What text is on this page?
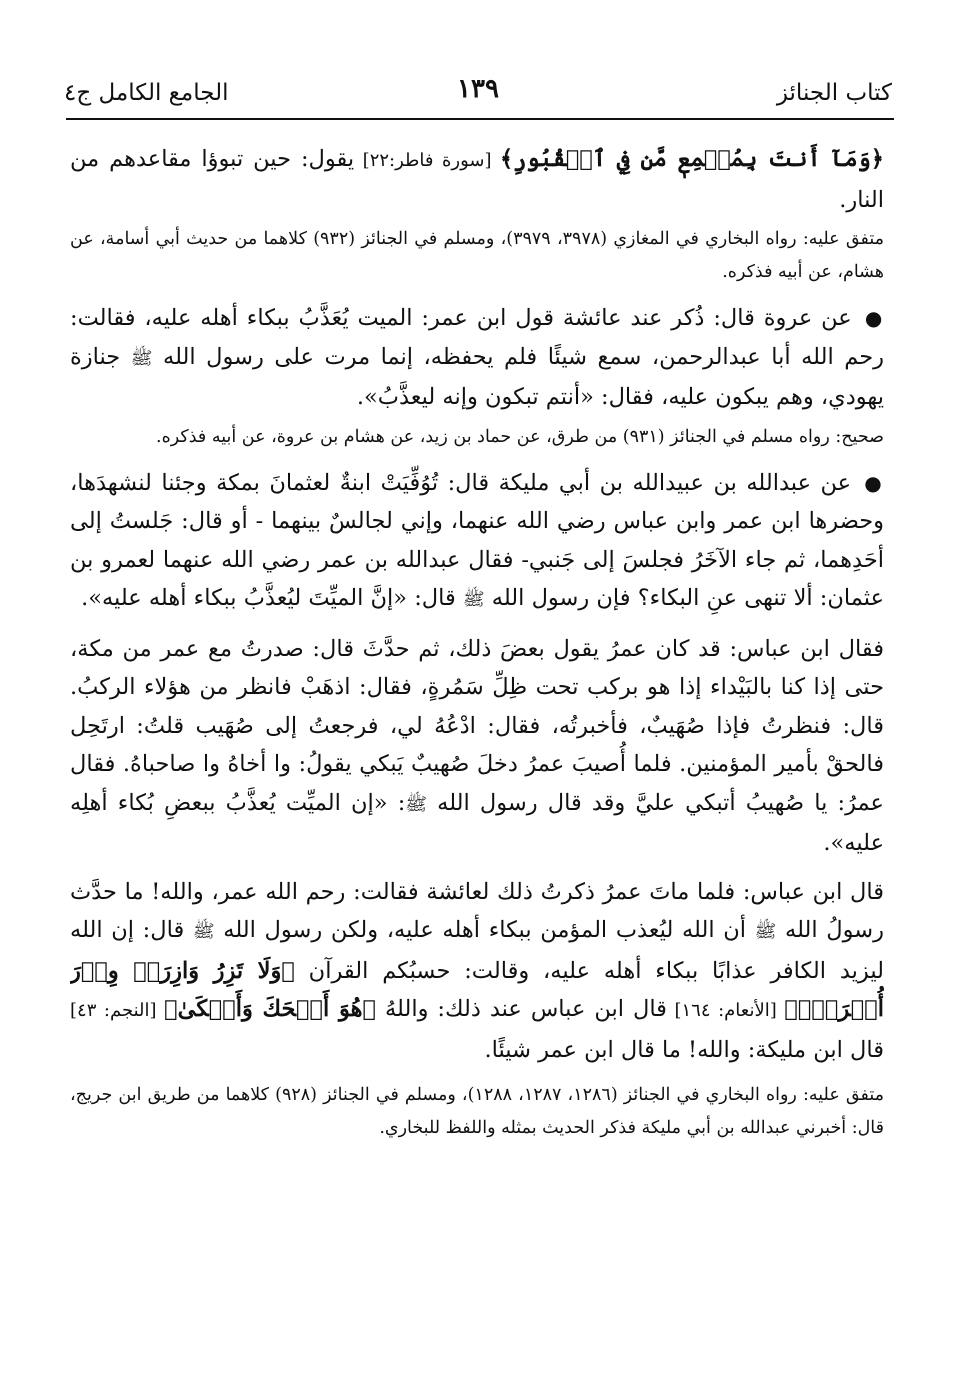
كتاب الجنائز
١٣٩
الجامع الكامل ج٤

﴿وَمَآ أَنتَ بِمُسۡمِعٖ مَّن فِي ٱلۡقُبُورِ﴾ [سورة فاطر:٢٢] يقول: حين تبوؤا مقاعدهم من النار.

متفق عليه: رواه البخاري في المغازي (٣٩٧٨، ٣٩٧٩)، ومسلم في الجنائز (٩٣٢) كلاهما من حديث أبي أسامة، عن هشام، عن أبيه فذكره.

● عن عروة قال: ذُكر عند عائشة قول ابن عمر: الميت يُعَذَّبُ ببكاء أهله عليه، فقالت: رحم الله أبا عبدالرحمن، سمع شيئًا فلم يحفظه، إنما مرت على رسول الله ﷺ جنازة يهودي، وهم يبكون عليه، فقال: «أنتم تبكون وإنه ليعذَّبُ».

صحيح: رواه مسلم في الجنائز (٩٣١) من طرق، عن حماد بن زيد، عن هشام بن عروة، عن أبيه فذكره.

● عن عبدالله بن عبيدالله بن أبي مليكة قال: تُوُفِّيَتْ ابنةٌ لعثمانَ بمكة وجئنا لنشهدَها، وحضرها ابن عمر وابن عباس رضي الله عنهما، وإني لجالسٌ بينهما - أو قال: جَلستُ إلى أحَدِهما، ثم جاء الآخَرُ فجلسَ إلى جَنبي- فقال عبدالله بن عمر رضي الله عنهما لعمرو بن عثمان: ألا تنهى عنِ البكاء؟ فإن رسول الله ﷺ قال: «إنَّ الميِّتَ ليُعذَّبُ ببكاء أهله عليه».

فقال ابن عباس: قد كان عمرُ يقول بعضَ ذلك، ثم حدَّثَ قال: صدرتُ مع عمر من مكة، حتى إذا كنا بالبَيْداء إذا هو بركب تحت ظِلِّ سَمُرةٍ، فقال: اذهَبْ فانظر من هؤلاء الركبُ. قال: فنظرتُ فإذا صُهَيبٌ، فأخبرتُه، فقال: ادْعُهُ لي، فرجعتُ إلى صُهَيب قلتُ: ارتَحِل فالحقْ بأمير المؤمنين. فلما أُصيبَ عمرُ دخلَ صُهيبٌ يَبكي يقولُ: وا أخاهُ وا صاحباهُ. فقال عمرُ: يا صُهيبُ أتبكي عليَّ وقد قال رسول الله ﷺ: «إن الميِّت يُعذَّبُ ببعضِ بُكاء أهلِه عليه».

قال ابن عباس: فلما ماتَ عمرُ ذكرتُ ذلك لعائشة فقالت: رحم الله عمر، والله! ما حدَّث رسولُ الله ﷺ أن الله ليُعذب المؤمن ببكاء أهله عليه، ولكن رسول الله ﷺ قال: إن الله ليزيد الكافر عذابًا ببكاء أهله عليه، وقالت: حسبُكم القرآن ﴿وَلَا تَزِرُ وَازِرَةٞ وِزۡرَ أُخۡرَىٰۚ﴾ [الأنعام: ١٦٤] قال ابن عباس عند ذلك: واللهُ ﴿هُوَ أَضۡحَكَ وَأَبۡكَىٰ﴾ [النجم: ٤٣] قال ابن مليكة: والله! ما قال ابن عمر شيئًا.

متفق عليه: رواه البخاري في الجنائز (١٢٨٦، ١٢٨٧، ١٢٨٨)، ومسلم في الجنائز (٩٢٨) كلاهما من طريق ابن جريج، قال: أخبرني عبدالله بن أبي مليكة فذكر الحديث بمثله واللفظ للبخاري.
